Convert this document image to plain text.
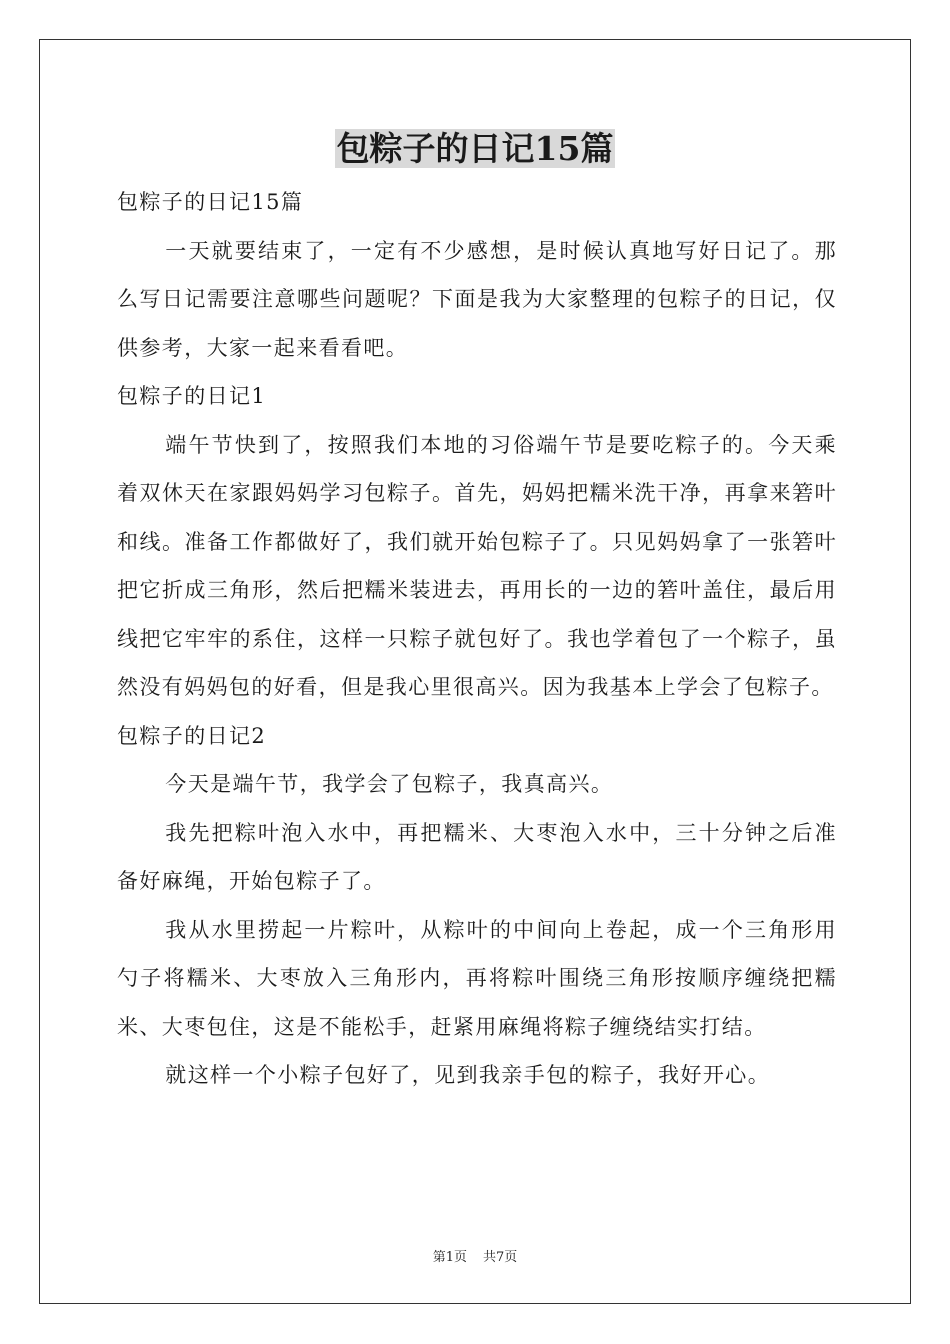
包粽子的日记15篇

包粽子的日记15篇

一天就要结束了，一定有不少感想，是时候认真地写好日记了。那么写日记需要注意哪些问题呢？下面是我为大家整理的包粽子的日记，仅供参考，大家一起来看看吧。

包粽子的日记1

端午节快到了，按照我们本地的习俗端午节是要吃粽子的。今天乘着双休天在家跟妈妈学习包粽子。首先，妈妈把糯米洗干净，再拿来箬叶和线。准备工作都做好了，我们就开始包粽子了。只见妈妈拿了一张箬叶把它折成三角形，然后把糯米装进去，再用长的一边的箬叶盖住，最后用线把它牢牢的系住，这样一只粽子就包好了。我也学着包了一个粽子，虽然没有妈妈包的好看，但是我心里很高兴。因为我基本上学会了包粽子。

包粽子的日记2

今天是端午节，我学会了包粽子，我真高兴。

我先把粽叶泡入水中，再把糯米、大枣泡入水中，三十分钟之后准备好麻绳，开始包粽子了。

我从水里捞起一片粽叶，从粽叶的中间向上卷起，成一个三角形用勺子将糯米、大枣放入三角形内，再将粽叶围绕三角形按顺序缠绕把糯米、大枣包住，这是不能松手，赶紧用麻绳将粽子缠绕结实打结。

就这样一个小粽子包好了，见到我亲手包的粽子，我好开心。

第1页 共7页
